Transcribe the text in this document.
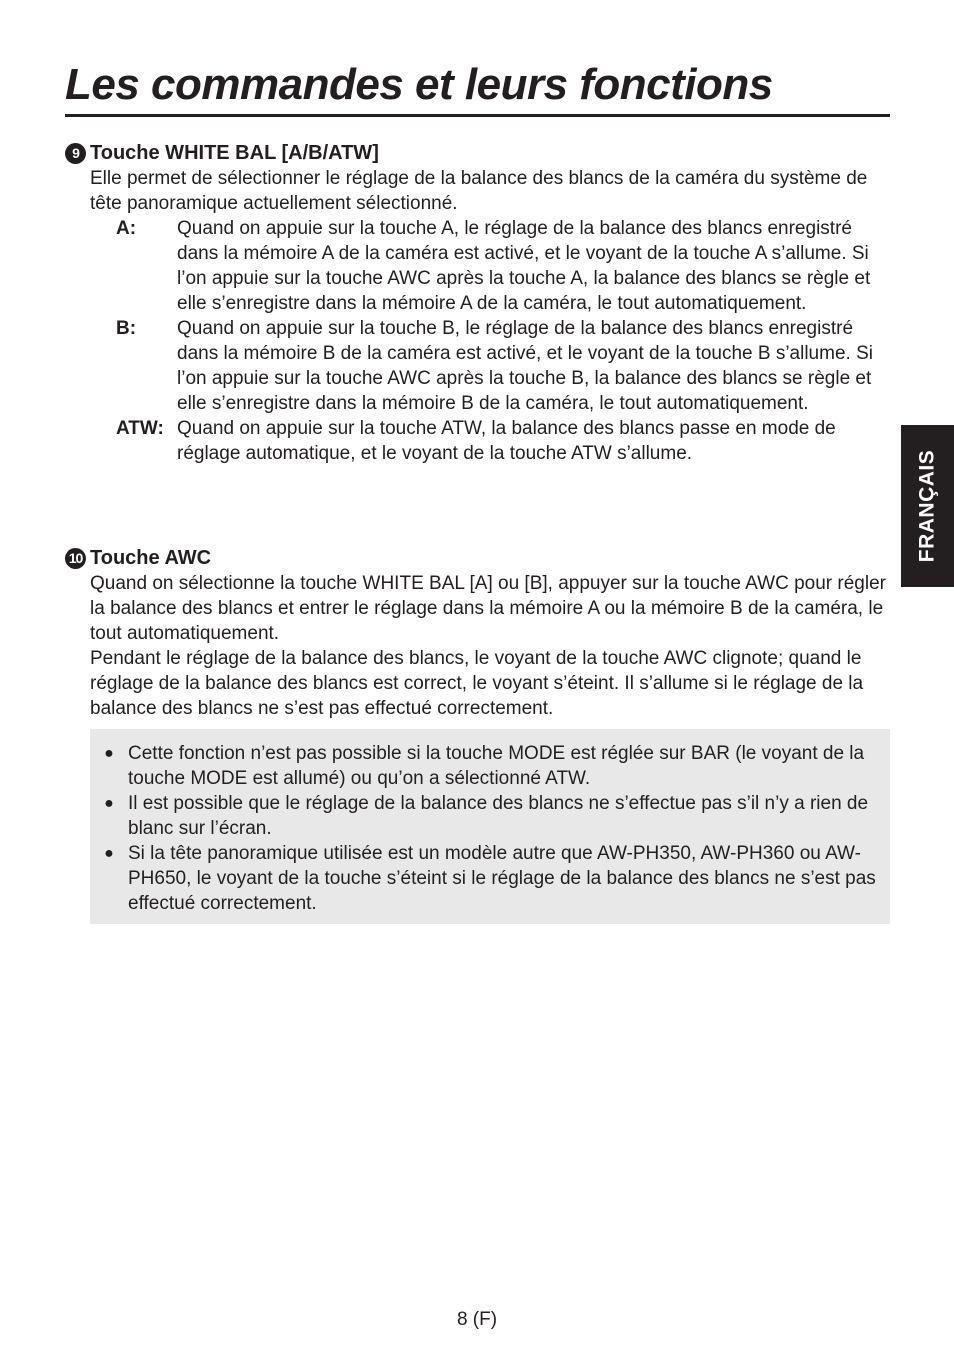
Les commandes et leurs fonctions
9 Touche WHITE BAL [A/B/ATW]

Elle permet de sélectionner le réglage de la balance des blancs de la caméra du système de tête panoramique actuellement sélectionné.

A:	Quand on appuie sur la touche A, le réglage de la balance des blancs enregistré dans la mémoire A de la caméra est activé, et le voyant de la touche A s’allume. Si l’on appuie sur la touche AWC après la touche A, la balance des blancs se règle et elle s’enregistre dans la mémoire A de la caméra, le tout automatiquement.
B:	Quand on appuie sur la touche B, le réglage de la balance des blancs enregistré dans la mémoire B de la caméra est activé, et le voyant de la touche B s’allume. Si l’on appuie sur la touche AWC après la touche B, la balance des blancs se règle et elle s’enregistre dans la mémoire B de la caméra, le tout automatiquement.
ATW: Quand on appuie sur la touche ATW, la balance des blancs passe en mode de réglage automatique, et le voyant de la touche ATW s’allume.
10 Touche AWC

Quand on sélectionne la touche WHITE BAL [A] ou [B], appuyer sur la touche AWC pour régler la balance des blancs et entrer le réglage dans la mémoire A ou la mémoire B de la caméra, le tout automatiquement.

Pendant le réglage de la balance des blancs, le voyant de la touche AWC clignote; quand le réglage de la balance des blancs est correct, le voyant s’éteint. Il s’allume si le réglage de la balance des blancs ne s’est pas effectué correctement.

● Cette fonction n’est pas possible si la touche MODE est réglée sur BAR (le voyant de la touche MODE est allumé) ou qu’on a sélectionné ATW.
● Il est possible que le réglage de la balance des blancs ne s’effectue pas s’il n’y a rien de blanc sur l’écran.
● Si la tête panoramique utilisée est un modèle autre que AW-PH350, AW-PH360 ou AW-PH650, le voyant de la touche s’éteint si le réglage de la balance des blancs ne s’est pas effectué correctement.
FRANÇAIS
8 (F)
